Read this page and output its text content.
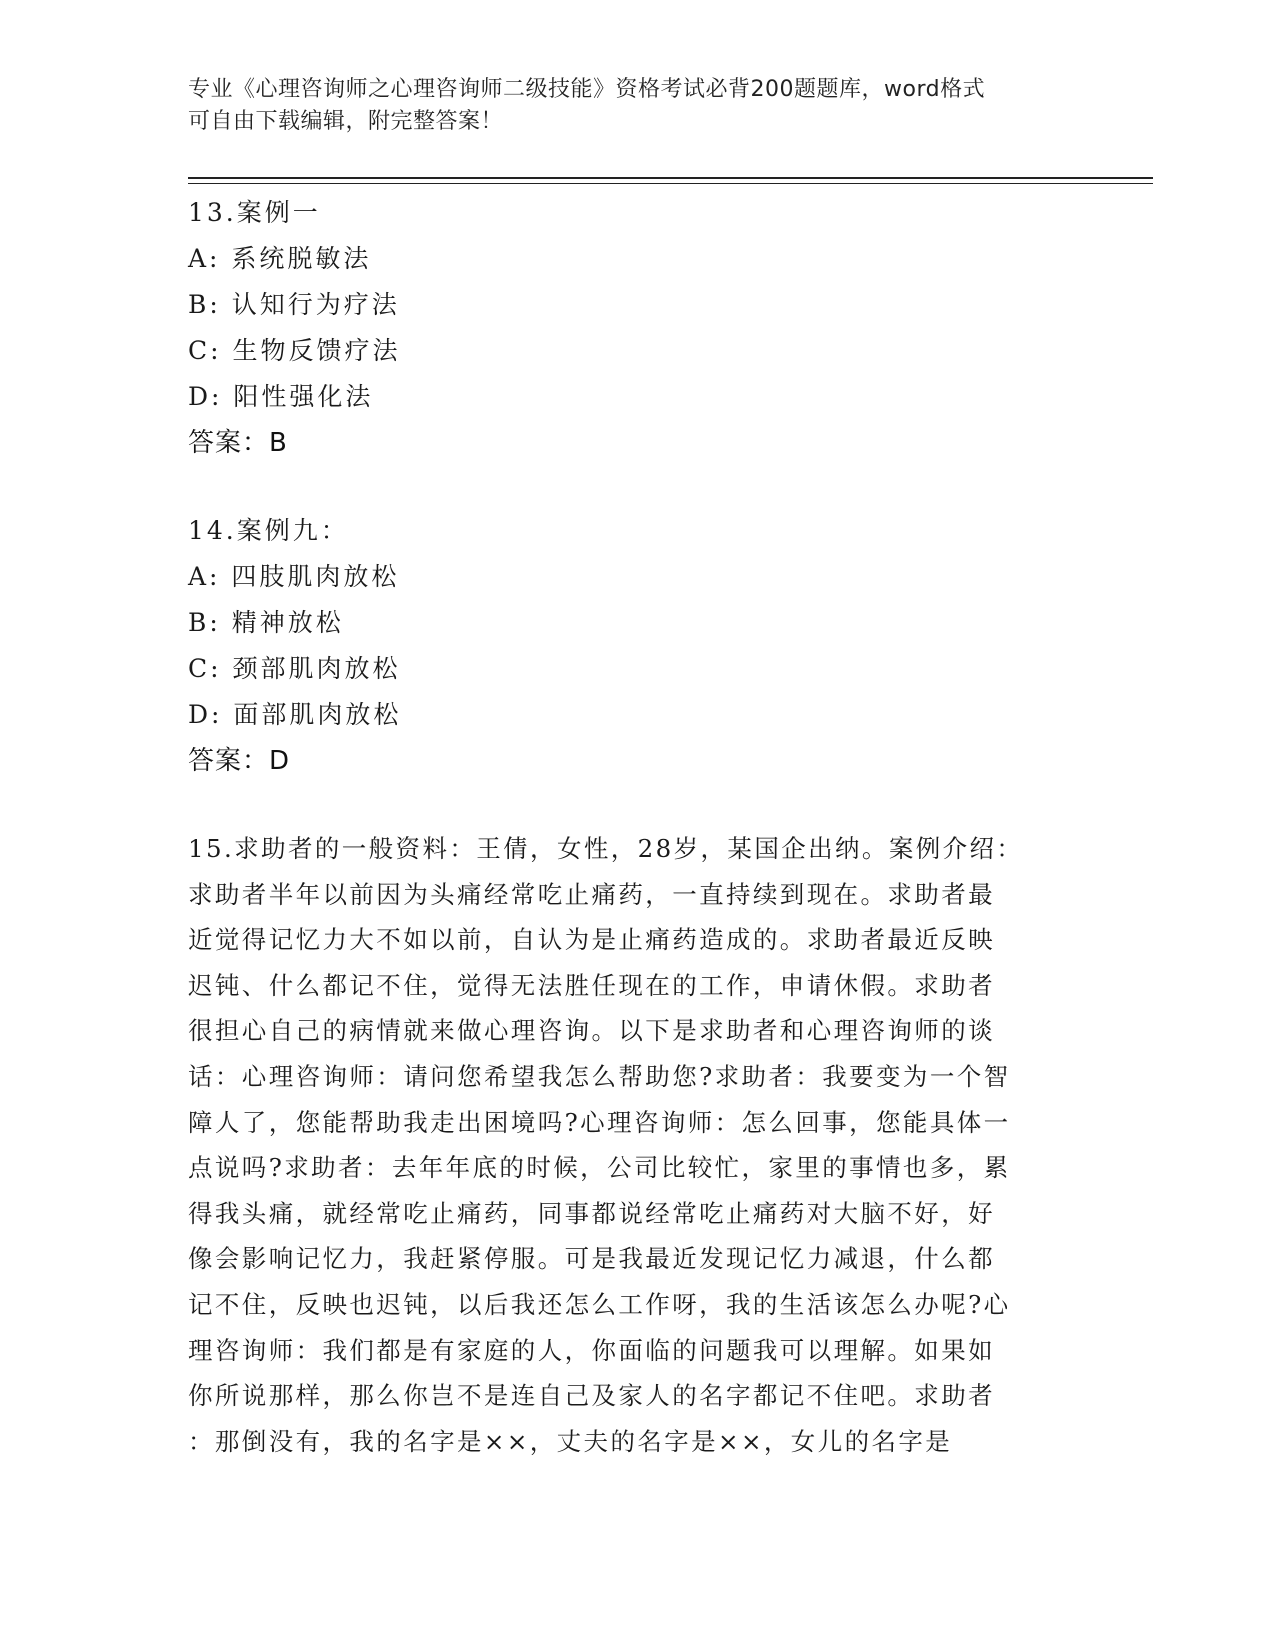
专业《心理咨询师之心理咨询师二级技能》资格考试必背200题题库，word格式
可自由下载编辑，附完整答案！
13.案例一
A: 系统脱敏法
B: 认知行为疗法
C: 生物反馈疗法
D: 阳性强化法
答案：B
14.案例九：
A: 四肢肌肉放松
B: 精神放松
C: 颈部肌肉放松
D: 面部肌肉放松
答案：D
15.求助者的一般资料：王倩，女性，28岁，某国企出纳。案例介绍：
求助者半年以前因为头痛经常吃止痛药，一直持续到现在。求助者最
近觉得记忆力大不如以前，自认为是止痛药造成的。求助者最近反映
迟钝、什么都记不住，觉得无法胜任现在的工作，申请休假。求助者
很担心自己的病情就来做心理咨询。以下是求助者和心理咨询师的谈
话：心理咨询师：请问您希望我怎么帮助您?求助者：我要变为一个智
障人了，您能帮助我走出困境吗?心理咨询师：怎么回事，您能具体一
点说吗?求助者：去年年底的时候，公司比较忙，家里的事情也多，累
得我头痛，就经常吃止痛药，同事都说经常吃止痛药对大脑不好，好
像会影响记忆力，我赶紧停服。可是我最近发现记忆力减退，什么都
记不住，反映也迟钝，以后我还怎么工作呀，我的生活该怎么办呢?心
理咨询师：我们都是有家庭的人，你面临的问题我可以理解。如果如
你所说那样，那么你岂不是连自己及家人的名字都记不住吧。求助者
：那倒没有，我的名字是××，丈夫的名字是××，女儿的名字是
